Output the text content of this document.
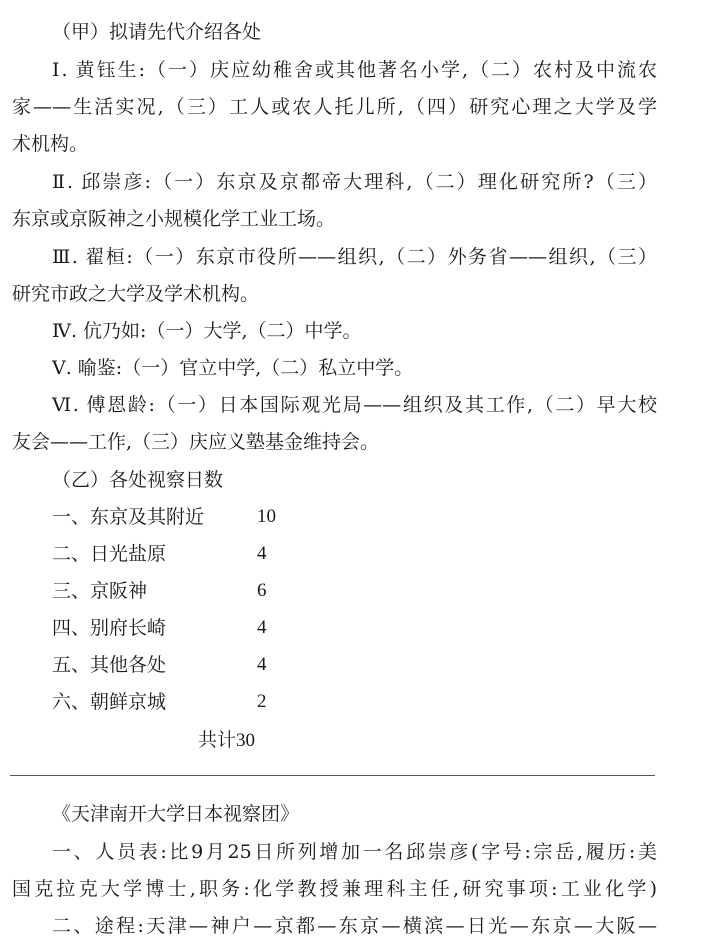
（甲）拟请先代介绍各处
Ⅰ. 黄钰生:（一）庆应幼稚舍或其他著名小学,（二）农村及中流农
家——生活实况,（三）工人或农人托儿所,（四）研究心理之大学及学
术机构。
Ⅱ. 邱崇彦:（一）东京及京都帝大理科,（二）理化研究所?（三）
东京或京阪神之小规模化学工业工场。
Ⅲ. 翟桓:（一）东京市役所——组织,（二）外务省——组织,（三）
研究市政之大学及学术机构。
Ⅳ. 伉乃如:（一）大学,（二）中学。
Ⅴ. 喻鉴:（一）官立中学,（二）私立中学。
Ⅵ. 傅恩龄:（一）日本国际观光局——组织及其工作,（二）早大校
友会——工作,（三）庆应义塾基金维持会。
（乙）各处视察日数
一、东京及其附近	10
二、日光盐原	4
三、京阪神	6
四、别府长崎	4
五、其他各处	4
六、朝鲜京城	2
共计30
《天津南开大学日本视察团》
一、人员表:比9月25日所列增加一名邱崇彦(字号:宗岳,履历:美
国克拉克大学博士,职务:化学教授兼理科主任,研究事项:工业化学)
二、途程:天津—神户—京都—东京—横滨—日光—东京—大阪—
